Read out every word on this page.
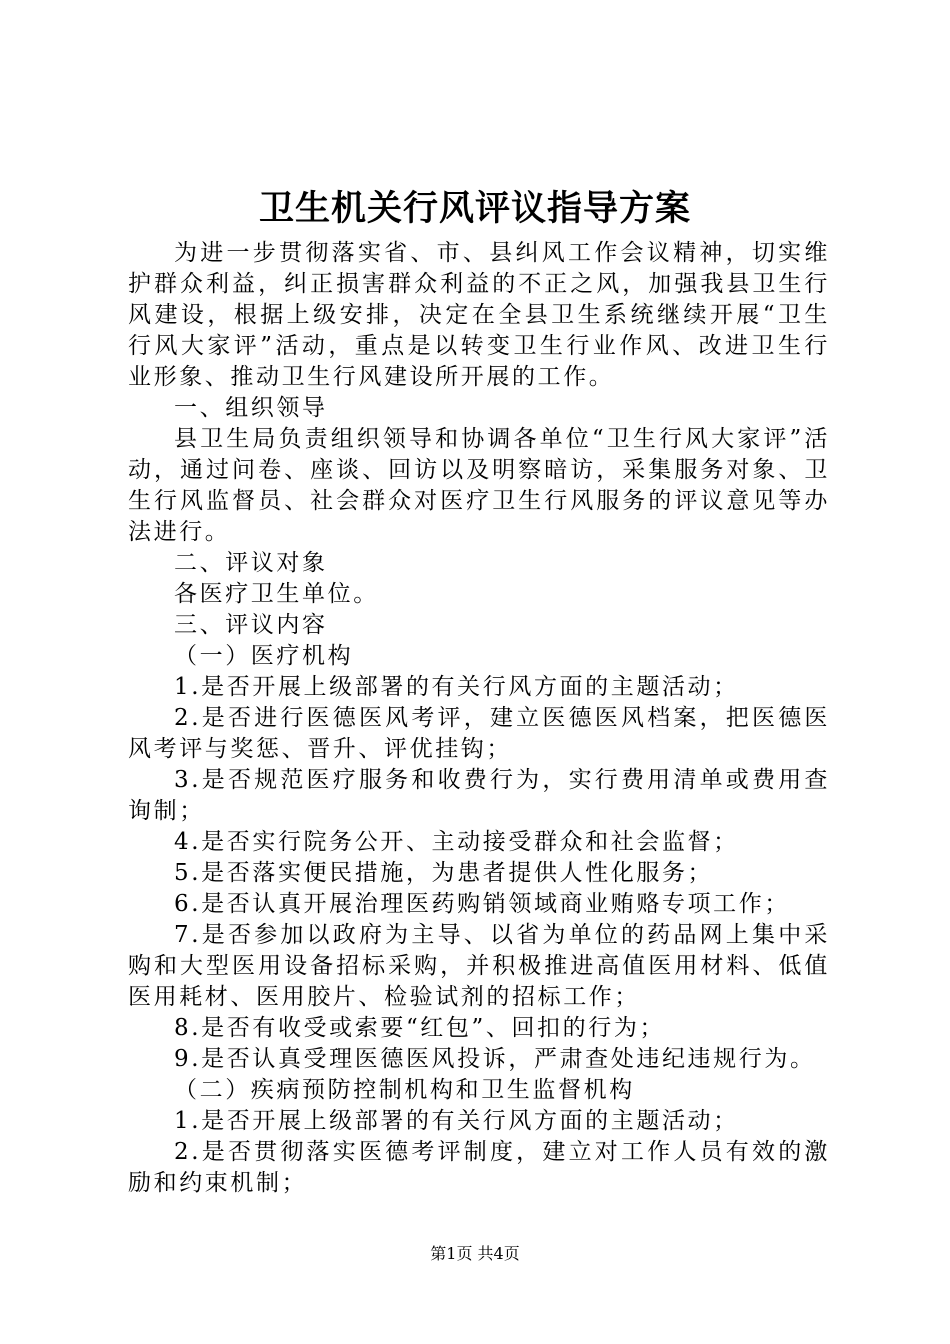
卫生机关行风评议指导方案

为进一步贯彻落实省、市、县纠风工作会议精神，切实维护群众利益，纠正损害群众利益的不正之风，加强我县卫生行风建设，根据上级安排，决定在全县卫生系统继续开展“卫生行风大家评”活动，重点是以转变卫生行业作风、改进卫生行业形象、推动卫生行风建设所开展的工作。

一、组织领导

县卫生局负责组织领导和协调各单位“卫生行风大家评”活动，通过问卷、座谈、回访以及明察暗访，采集服务对象、卫生行风监督员、社会群众对医疗卫生行风服务的评议意见等办法进行。

二、评议对象

各医疗卫生单位。

三、评议内容

（一）医疗机构

1.是否开展上级部署的有关行风方面的主题活动；

2.是否进行医德医风考评，建立医德医风档案，把医德医风考评与奖惩、晋升、评优挂钩；

3.是否规范医疗服务和收费行为，实行费用清单或费用查询制；

4.是否实行院务公开、主动接受群众和社会监督；

5.是否落实便民措施，为患者提供人性化服务；

6.是否认真开展治理医药购销领域商业贿赂专项工作；

7.是否参加以政府为主导、以省为单位的药品网上集中采购和大型医用设备招标采购，并积极推进高值医用材料、低值医用耗材、医用胶片、检验试剂的招标工作；

8.是否有收受或索要“红包”、回扣的行为；

9.是否认真受理医德医风投诉，严肃查处违纪违规行为。

（二）疾病预防控制机构和卫生监督机构

1.是否开展上级部署的有关行风方面的主题活动；

2.是否贯彻落实医德考评制度，建立对工作人员有效的激励和约束机制；

第1页 共4页
